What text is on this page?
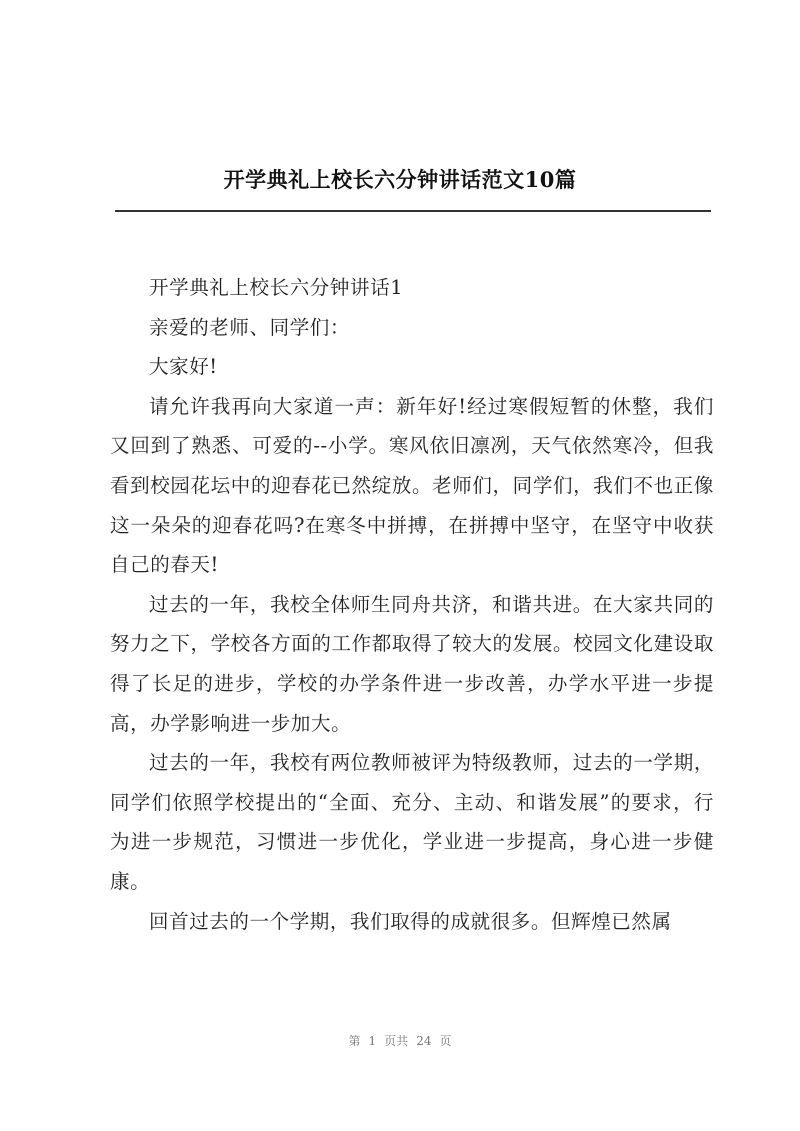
开学典礼上校长六分钟讲话范文10篇

开学典礼上校长六分钟讲话1

亲爱的老师、同学们：

大家好!

请允许我再向大家道一声：新年好!经过寒假短暂的休整，我们又回到了熟悉、可爱的--小学。寒风依旧凛冽，天气依然寒冷，但我看到校园花坛中的迎春花已然绽放。老师们，同学们，我们不也正像这一朵朵的迎春花吗?在寒冬中拼搏，在拼搏中坚守，在坚守中收获自己的春天!

过去的一年，我校全体师生同舟共济，和谐共进。在大家共同的努力之下，学校各方面的工作都取得了较大的发展。校园文化建设取得了长足的进步，学校的办学条件进一步改善，办学水平进一步提高，办学影响进一步加大。

过去的一年，我校有两位教师被评为特级教师，过去的一学期，同学们依照学校提出的“全面、充分、主动、和谐发展”的要求，行为进一步规范，习惯进一步优化，学业进一步提高，身心进一步健康。

回首过去的一个学期，我们取得的成就很多。但辉煌已然属

第 1 页共 24 页
